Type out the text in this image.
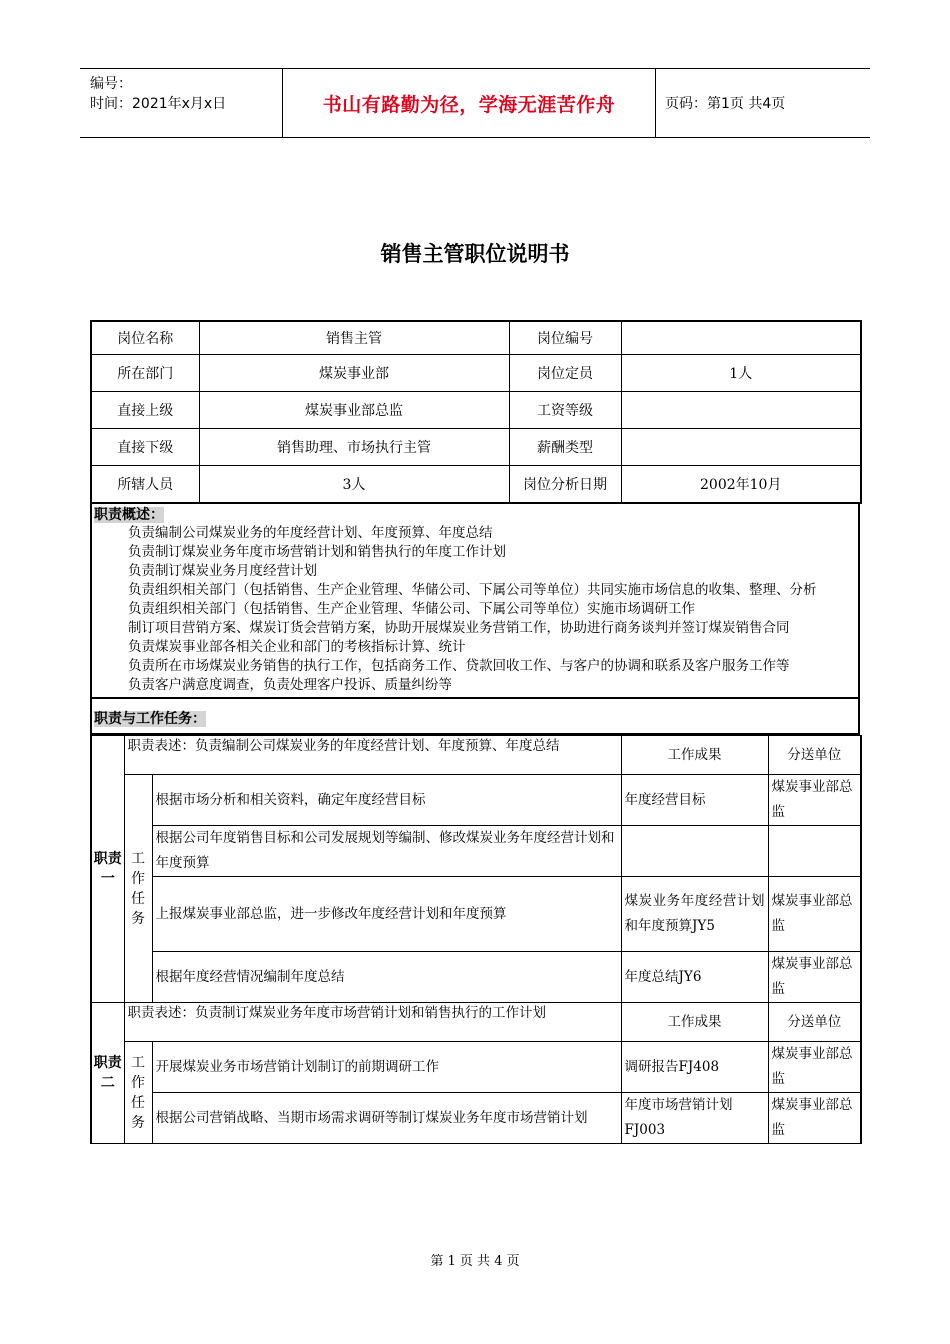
编号：
时间：2021年x月x日	书山有路勤为径，学海无涯苦作舟	页码：第1页 共4页
销售主管职位说明书
岗位名称	销售主管	岗位编号	
所在部门	煤炭事业部	岗位定员	1人
直接上级	煤炭事业部总监	工资等级	
直接下级	销售助理、市场执行主管	薪酬类型	
所辖人员	3人	岗位分析日期	2002年10月
职责概述：
负责编制公司煤炭业务的年度经营计划、年度预算、年度总结
负责制订煤炭业务年度市场营销计划和销售执行的年度工作计划
负责制订煤炭业务月度经营计划
负责组织相关部门（包括销售、生产企业管理、华储公司、下属公司等单位）共同实施市场信息的收集、整理、分析
负责组织相关部门（包括销售、生产企业管理、华储公司、下属公司等单位）实施市场调研工作
制订项目营销方案、煤炭订货会营销方案，协助开展煤炭业务营销工作，协助进行商务谈判并签订煤炭销售合同
负责煤炭事业部各相关企业和部门的考核指标计算、统计
负责所在市场煤炭业务销售的执行工作，包括商务工作、贷款回收工作、与客户的协调和联系及客户服务工作等
负责客户满意度调查，负责处理客户投诉、质量纠纷等
职责与工作任务：
职责一	职责表述：负责编制公司煤炭业务的年度经营计划、年度预算、年度总结		工作成果	分送单位
	工作任务	根据市场分析和相关资料，确定年度经营目标	年度经营目标	煤炭事业部总监
		根据公司年度销售目标和公司发展规划等编制、修改煤炭业务年度经营计划和年度预算		
		上报煤炭事业部总监，进一步修改年度经营计划和年度预算	煤炭业务年度经营计划和年度预算JY5	煤炭事业部总监
		根据年度经营情况编制年度总结	年度总结JY6	煤炭事业部总监
职责二	职责表述：负责制订煤炭业务年度市场营销计划和销售执行的工作计划		工作成果	分送单位
	工作任务	开展煤炭业务市场营销计划制订的前期调研工作	调研报告FJ408	煤炭事业部总监
		根据公司营销战略、当期市场需求调研等制订煤炭业务年度市场营销计划	年度市场营销计划FJ003	煤炭事业部总监
第 1 页 共 4 页
